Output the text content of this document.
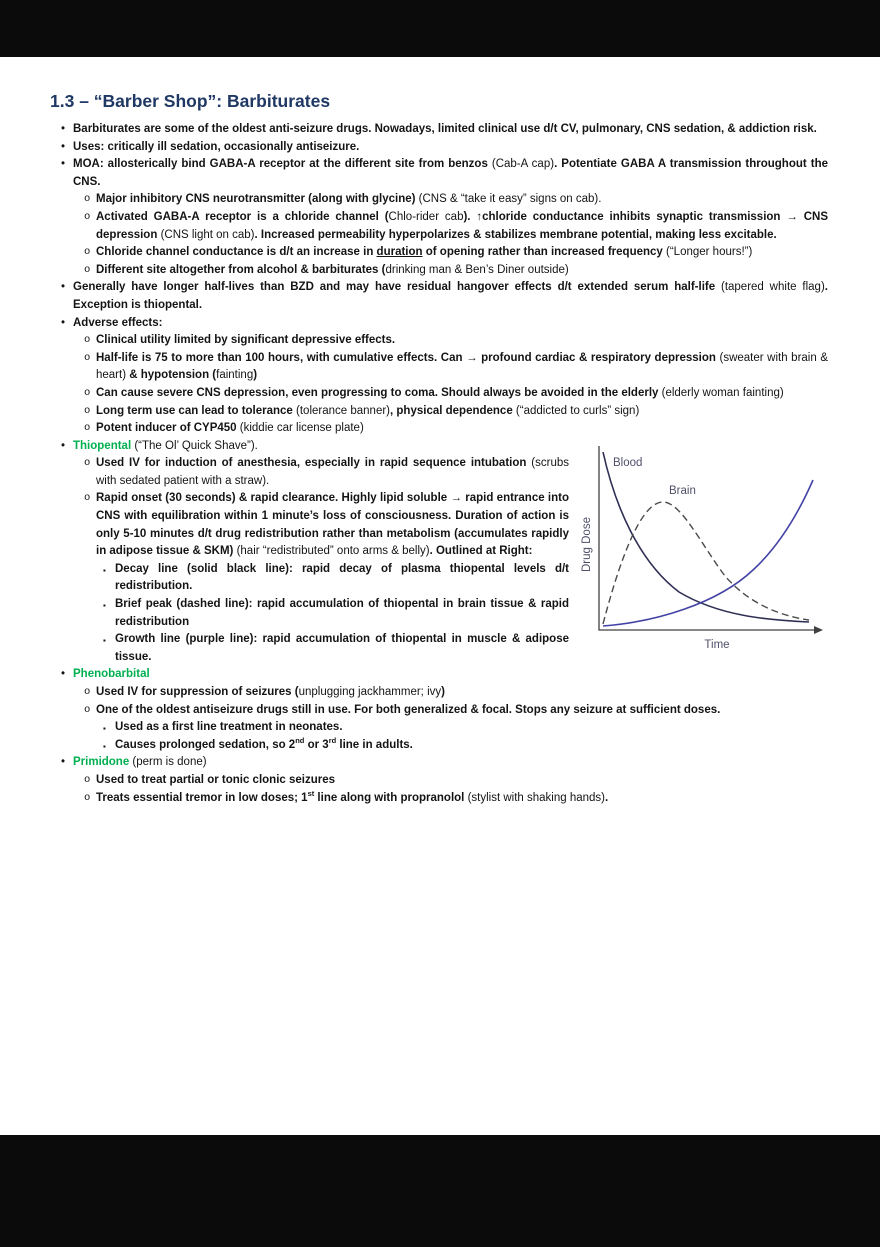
1.3 – “Barber Shop”: Barbiturates
• Barbiturates are some of the oldest anti-seizure drugs. Nowadays, limited clinical use d/t CV, pulmonary, CNS sedation, & addiction risk.
• Uses: critically ill sedation, occasionally antiseizure.
• MOA: allosterically bind GABA-A receptor at the different site from benzos (Cab-A cap). Potentiate GABA A transmission throughout the CNS.
o Major inhibitory CNS neurotransmitter (along with glycine) (CNS & “take it easy” signs on cab).
o Activated GABA-A receptor is a chloride channel (Chlo-rider cab). ↑chloride conductance inhibits synaptic transmission → CNS depression (CNS light on cab). Increased permeability hyperpolarizes & stabilizes membrane potential, making less excitable.
o Chloride channel conductance is d/t an increase in duration of opening rather than increased frequency (“Longer hours!”)
o Different site altogether from alcohol & barbiturates (drinking man & Ben’s Diner outside)
• Generally have longer half-lives than BZD and may have residual hangover effects d/t extended serum half-life (tapered white flag). Exception is thiopental.
• Adverse effects:
o Clinical utility limited by significant depressive effects.
o Half-life is 75 to more than 100 hours, with cumulative effects. Can → profound cardiac & respiratory depression (sweater with brain & heart) & hypotension (fainting)
o Can cause severe CNS depression, even progressing to coma. Should always be avoided in the elderly (elderly woman fainting)
o Long term use can lead to tolerance (tolerance banner), physical dependence (“addicted to curls” sign)
o Potent inducer of CYP450 (kiddie car license plate)
Blood
Brain
Drug Dose
Time
• Thiopental (“The Ol’ Quick Shave”).
o Used IV for induction of anesthesia, especially in rapid sequence intubation (scrubs with sedated patient with a straw).
o Rapid onset (30 seconds) & rapid clearance. Highly lipid soluble → rapid entrance into CNS with equilibration within 1 minute’s loss of consciousness. Duration of action is only 5-10 minutes d/t drug redistribution rather than metabolism (accumulates rapidly in adipose tissue & SKM) (hair “redistributed” onto arms & belly). Outlined at Right:
▪ Decay line (solid black line): rapid decay of plasma thiopental levels d/t redistribution.
▪ Brief peak (dashed line): rapid accumulation of thiopental in brain tissue & rapid redistribution
▪ Growth line (purple line): rapid accumulation of thiopental in muscle & adipose tissue.
• Phenobarbital
o Used IV for suppression of seizures (unplugging jackhammer; ivy)
o One of the oldest antiseizure drugs still in use. For both generalized & focal. Stops any seizure at sufficient doses.
▪ Used as a first line treatment in neonates.
▪ Causes prolonged sedation, so 2nd or 3rd line in adults.
• Primidone (perm is done)
o Used to treat partial or tonic clonic seizures
o Treats essential tremor in low doses; 1st line along with propranolol (stylist with shaking hands).
